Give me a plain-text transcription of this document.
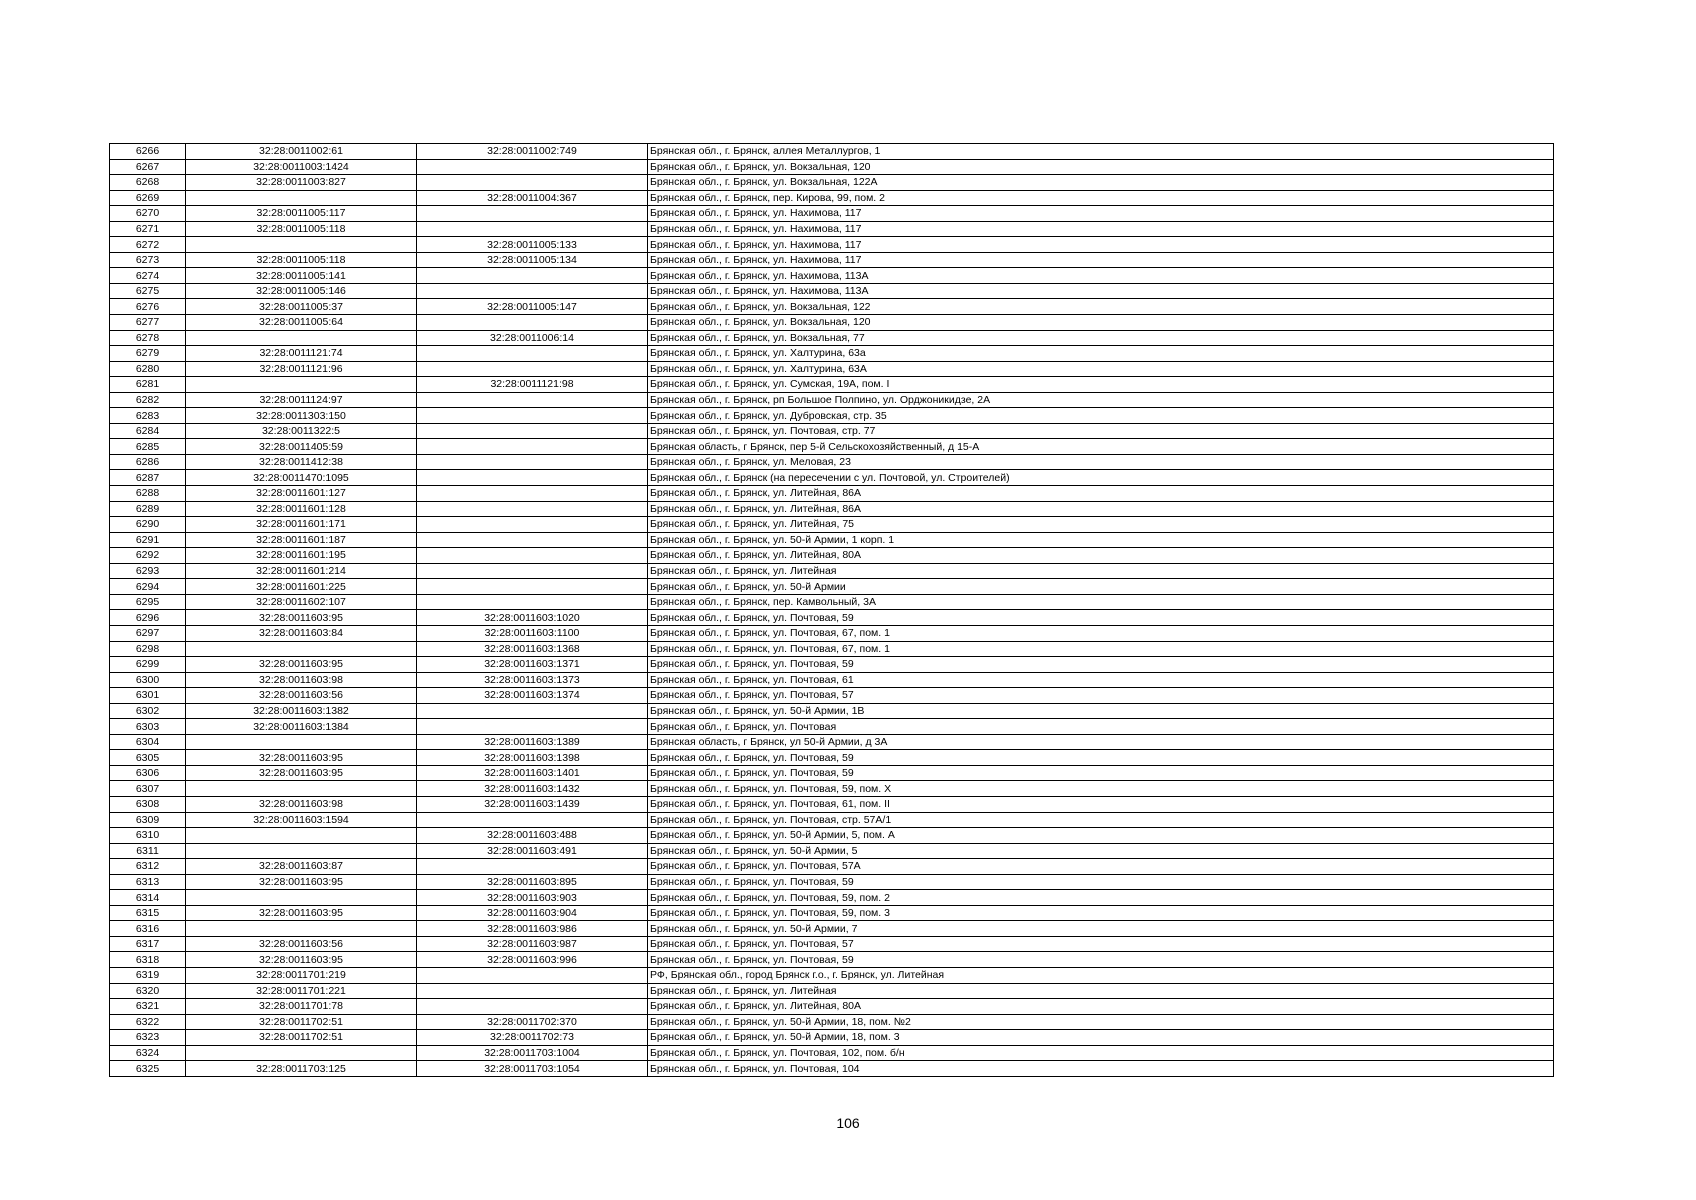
6266	32:28:0011002:61	32:28:0011002:749	Брянская обл., г. Брянск, аллея Металлургов, 1
6267	32:28:0011003:1424		Брянская обл., г. Брянск, ул. Вокзальная, 120
6268	32:28:0011003:827		Брянская обл., г. Брянск, ул. Вокзальная, 122А
6269		32:28:0011004:367	Брянская обл., г. Брянск, пер. Кирова, 99, пом. 2
6270	32:28:0011005:117		Брянская обл., г. Брянск, ул. Нахимова, 117
6271	32:28:0011005:118		Брянская обл., г. Брянск, ул. Нахимова, 117
6272		32:28:0011005:133	Брянская обл., г. Брянск, ул. Нахимова, 117
6273	32:28:0011005:118	32:28:0011005:134	Брянская обл., г. Брянск, ул. Нахимова, 117
6274	32:28:0011005:141		Брянская обл., г. Брянск, ул. Нахимова, 113А
6275	32:28:0011005:146		Брянская обл., г. Брянск, ул. Нахимова, 113А
6276	32:28:0011005:37	32:28:0011005:147	Брянская обл., г. Брянск, ул. Вокзальная, 122
6277	32:28:0011005:64		Брянская обл., г. Брянск, ул. Вокзальная, 120
6278		32:28:0011006:14	Брянская обл., г. Брянск, ул. Вокзальная, 77
6279	32:28:0011121:74		Брянская обл., г. Брянск, ул. Халтурина, 63а
6280	32:28:0011121:96		Брянская обл., г. Брянск, ул. Халтурина, 63А
6281		32:28:0011121:98	Брянская обл., г. Брянск, ул. Сумская, 19А, пом. I
6282	32:28:0011124:97		Брянская обл., г. Брянск, рп Большое Полпино, ул. Орджоникидзе, 2А
6283	32:28:0011303:150		Брянская обл., г. Брянск, ул. Дубровская, стр. 35
6284	32:28:0011322:5		Брянская обл., г. Брянск, ул. Почтовая, стр. 77
6285	32:28:0011405:59		Брянская область, г Брянск, пер 5-й Сельскохозяйственный, д 15-А
6286	32:28:0011412:38		Брянская обл., г. Брянск, ул. Меловая, 23
6287	32:28:0011470:1095		Брянская обл., г. Брянск (на пересечении с ул. Почтовой, ул. Строителей)
6288	32:28:0011601:127		Брянская обл., г. Брянск, ул. Литейная, 86А
6289	32:28:0011601:128		Брянская обл., г. Брянск, ул. Литейная, 86А
6290	32:28:0011601:171		Брянская обл., г. Брянск, ул. Литейная, 75
6291	32:28:0011601:187		Брянская обл., г. Брянск, ул. 50-й Армии, 1 корп. 1
6292	32:28:0011601:195		Брянская обл., г. Брянск, ул. Литейная, 80А
6293	32:28:0011601:214		Брянская обл., г. Брянск, ул. Литейная
6294	32:28:0011601:225		Брянская обл., г. Брянск, ул. 50-й Армии
6295	32:28:0011602:107		Брянская обл., г. Брянск, пер. Камвольный, 3А
6296	32:28:0011603:95	32:28:0011603:1020	Брянская обл., г. Брянск, ул. Почтовая, 59
6297	32:28:0011603:84	32:28:0011603:1100	Брянская обл., г. Брянск, ул. Почтовая, 67, пом. 1
6298		32:28:0011603:1368	Брянская обл., г. Брянск, ул. Почтовая, 67, пом. 1
6299	32:28:0011603:95	32:28:0011603:1371	Брянская обл., г. Брянск, ул. Почтовая, 59
6300	32:28:0011603:98	32:28:0011603:1373	Брянская обл., г. Брянск, ул. Почтовая, 61
6301	32:28:0011603:56	32:28:0011603:1374	Брянская обл., г. Брянск, ул. Почтовая, 57
6302	32:28:0011603:1382		Брянская обл., г. Брянск, ул. 50-й Армии, 1В
6303	32:28:0011603:1384		Брянская обл., г. Брянск, ул. Почтовая
6304		32:28:0011603:1389	Брянская область, г Брянск, ул 50-й Армии, д 3А
6305	32:28:0011603:95	32:28:0011603:1398	Брянская обл., г. Брянск, ул. Почтовая, 59
6306	32:28:0011603:95	32:28:0011603:1401	Брянская обл., г. Брянск, ул. Почтовая, 59
6307		32:28:0011603:1432	Брянская обл., г. Брянск, ул. Почтовая, 59, пом. Х
6308	32:28:0011603:98	32:28:0011603:1439	Брянская обл., г. Брянск, ул. Почтовая, 61, пом. II
6309	32:28:0011603:1594		Брянская обл., г. Брянск, ул. Почтовая, стр. 57А/1
6310		32:28:0011603:488	Брянская обл., г. Брянск, ул. 50-й Армии, 5, пом. А
6311		32:28:0011603:491	Брянская обл., г. Брянск, ул. 50-й Армии, 5
6312	32:28:0011603:87		Брянская обл., г. Брянск, ул. Почтовая, 57А
6313	32:28:0011603:95	32:28:0011603:895	Брянская обл., г. Брянск, ул. Почтовая, 59
6314		32:28:0011603:903	Брянская обл., г. Брянск, ул. Почтовая, 59, пом. 2
6315	32:28:0011603:95	32:28:0011603:904	Брянская обл., г. Брянск, ул. Почтовая, 59, пом. 3
6316		32:28:0011603:986	Брянская обл., г. Брянск, ул. 50-й Армии, 7
6317	32:28:0011603:56	32:28:0011603:987	Брянская обл., г. Брянск, ул. Почтовая, 57
6318	32:28:0011603:95	32:28:0011603:996	Брянская обл., г. Брянск, ул. Почтовая, 59
6319	32:28:0011701:219		РФ, Брянская обл., город Брянск г.о., г. Брянск, ул. Литейная
6320	32:28:0011701:221		Брянская обл., г. Брянск, ул. Литейная
6321	32:28:0011701:78		Брянская обл., г. Брянск, ул. Литейная, 80А
6322	32:28:0011702:51	32:28:0011702:370	Брянская обл., г. Брянск, ул. 50-й Армии, 18, пом. №2
6323	32:28:0011702:51	32:28:0011702:73	Брянская обл., г. Брянск, ул. 50-й Армии, 18, пом. 3
6324		32:28:0011703:1004	Брянская обл., г. Брянск, ул. Почтовая, 102, пом. б/н
6325	32:28:0011703:125	32:28:0011703:1054	Брянская обл., г. Брянск, ул. Почтовая, 104
106
